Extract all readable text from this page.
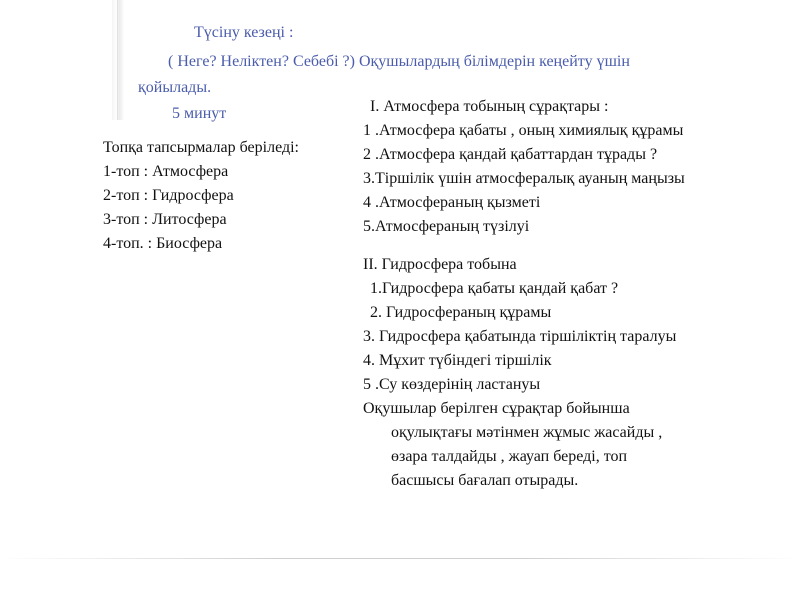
Түсіну кезеңі :
( Неге? Неліктен? Себебі ?) Оқушылардың білімдерін кеңейту үшін
қойылады.
5 минут
Топқа тапсырмалар беріледі:
1-топ : Атмосфера
2-топ : Гидросфера
3-топ : Литосфера
4-топ. : Биосфера
I. Атмосфера тобының сұрақтары :
1 .Атмосфера қабаты , оның химиялық құрамы
2 .Атмосфера қандай қабаттардан тұрады ?
3.Тіршілік үшін атмосфералық ауаның маңызы
4 .Атмосфераның қызметі
5.Атмосфераның түзілуі
II. Гидросфера тобына
1.Гидросфера қабаты қандай қабат ?
2. Гидросфераның құрамы
3. Гидросфера қабатында тіршіліктің таралуы
4. Мұхит түбіндегі тіршілік
5 .Су көздерінің ластануы
Оқушылар берілген сұрақтар бойынша
оқулықтағы мәтінмен жұмыс жасайды ,
өзара талдайды , жауап береді, топ
басшысы бағалап отырады.
